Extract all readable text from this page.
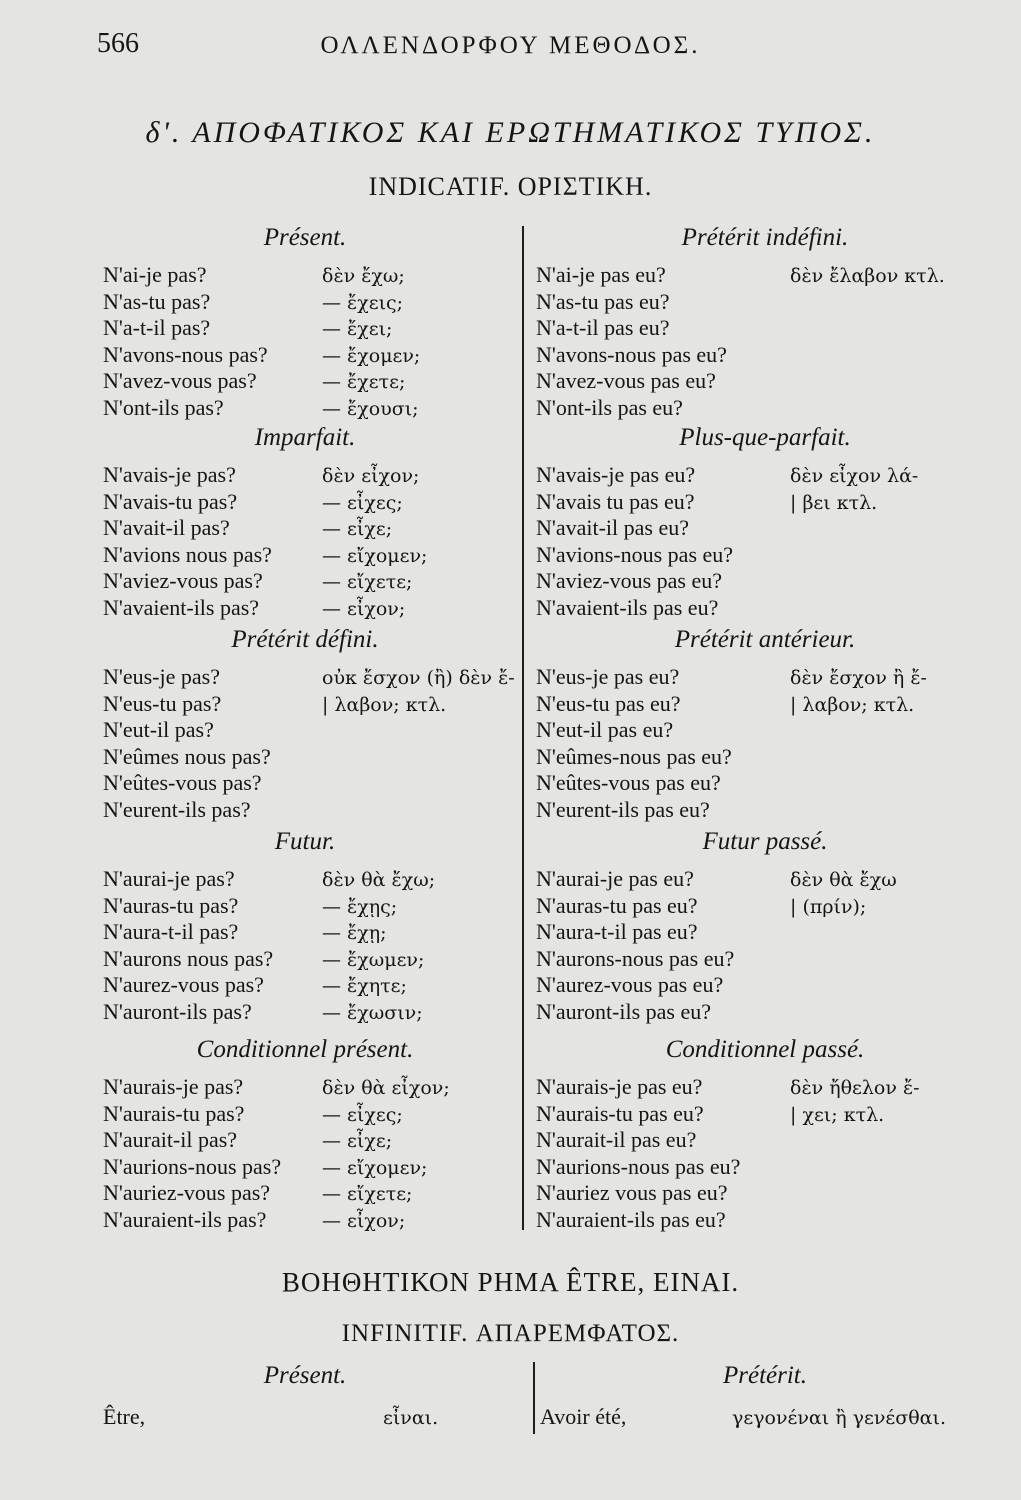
566	ΟΛΛΕΝΔΟΡΦΟΥ ΜΕΘΟΔΟΣ.
δ'. ΑΠΟΦΑΤΙΚΟΣ ΚΑΙ ΕΡΩΤΗΜΑΤΙΚΟΣ ΤΥΠΟΣ.
INDICATIF. ΟΡΙΣΤΙΚΗ.
Présent.
N'ai-je pas?	δὲν ἔχω;
N'as-tu pas?	— ἔχεις;
N'a-t-il pas?	— ἔχει;
N'avons-nous pas?	— ἔχομεν;
N'avez-vous pas?	— ἔχετε;
N'ont-ils pas?	— ἔχουσι;
Imparfait.
N'avais-je pas?	δὲν εἶχον;
N'avais-tu pas?	— εἶχες;
N'avait-il pas?	— εἶχε;
N'avions nous pas?	— εἴχομεν;
N'aviez-vous pas?	— εἴχετε;
N'avaient-ils pas?	— εἶχον;
Prétérit défini.
N'eus-je pas?	οὐκ ἔσχον (ἢ) δὲν ἔ-
N'eus-tu pas?	| λαβον; κτλ.
N'eut-il pas?
N'eûmes nous pas?
N'eûtes-vous pas?
N'eurent-ils pas?
Futur.
N'aurai-je pas?	δὲν θὰ ἔχω;
N'auras-tu pas?	— ἔχῃς;
N'aura-t-il pas?	— ἔχῃ;
N'aurons nous pas?	— ἔχωμεν;
N'aurez-vous pas?	— ἔχητε;
N'auront-ils pas?	— ἔχωσιν;
Conditionnel présent.
N'aurais-je pas?	δὲν θὰ εἶχον;
N'aurais-tu pas?	— εἶχες;
N'aurait-il pas?	— εἶχε;
N'aurions-nous pas? — εἴχομεν;
N'auriez-vous pas?	— εἴχετε;
N'auraient-ils pas?	— εἶχον;
Prétérit indéfini.
N'ai-je pas eu?	δὲν ἔλαβον κτλ.
N'as-tu pas eu?
N'a-t-il pas eu?
N'avons-nous pas eu?
N'avez-vous pas eu?
N'ont-ils pas eu?
Plus-que-parfait.
N'avais-je pas eu?	δὲν εἶχον λά-
N'avais tu pas eu?	| βει κτλ.
N'avait-il pas eu?
N'avions-nous pas eu?
N'aviez-vous pas eu?
N'avaient-ils pas eu?
Prétérit antérieur.
N'eus-je pas eu?	δὲν ἔσχον ἢ ἔ-
N'eus-tu pas eu?	| λαβον; κτλ.
N'eut-il pas eu?
N'eûmes-nous pas eu?
N'eûtes-vous pas eu?
N'eurent-ils pas eu?
Futur passé.
N'aurai-je pas eu?	δὲν θὰ ἔχω
N'auras-tu pas eu?	| (πρίν);
N'aura-t-il pas eu?
N'aurons-nous pas eu?
N'aurez-vous pas eu?
N'auront-ils pas eu?
Conditionnel passé.
N'aurais-je pas eu?	δὲν ἤθελον ἔ-
N'aurais-tu pas eu?	| χει; κτλ.
N'aurait-il pas eu?
N'aurions-nous pas eu?
N'auriez vous pas eu?
N'auraient-ils pas eu?
ΒΟΗΘΗΤΙΚΟΝ ΡΗΜΑ ÊTRE, ΕΙΝΑΙ.
INFINITIF. ΑΠΑΡΕΜΦΑΤΟΣ.
Présent.	Prétérit.
Être,	εἶναι.	Avoir été,	γεγονέναι ἢ γενέσθαι.
